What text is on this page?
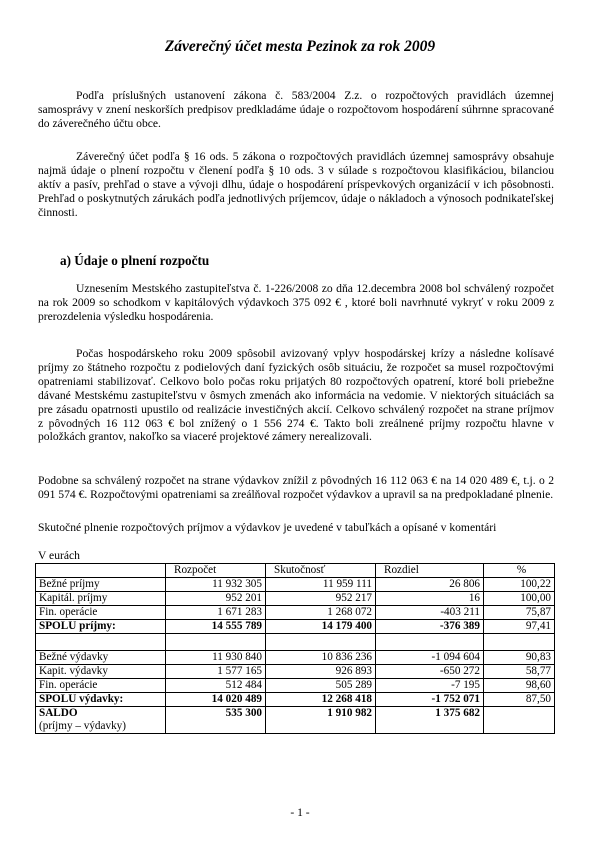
Záverečný účet mesta Pezinok za rok 2009

Podľa príslušných ustanovení zákona č. 583/2004 Z.z. o rozpočtových pravidlách územnej samosprávy v znení neskorších predpisov predkladáme údaje o rozpočtovom hospodárení súhrnne spracované do záverečného účtu obce.

Záverečný účet podľa § 16 ods. 5 zákona o rozpočtových pravidlách územnej samosprávy obsahuje najmä údaje o plnení rozpočtu v členení podľa § 10 ods. 3 v súlade s rozpočtovou klasifikáciou, bilanciou aktív a pasív, prehľad o stave a vývoji dlhu, údaje o hospodárení príspevkových organizácií v ich pôsobnosti. Prehľad o poskytnutých zárukách podľa jednotlivých príjemcov, údaje o nákladoch a výnosoch podnikateľskej činnosti.

a) Údaje o plnení rozpočtu

Uznesením Mestského zastupiteľstva č. 1-226/2008 zo dňa 12.decembra 2008 bol schválený rozpočet na rok 2009 so schodkom v kapitálových výdavkoch 375 092 € , ktoré boli navrhnuté vykryť v roku 2009 z prerozdelenia výsledku hospodárenia.

Počas hospodárskeho roku 2009 spôsobil avizovaný vplyv hospodárskej krízy a následne kolísavé príjmy zo štátneho rozpočtu z podielových daní fyzických osôb situáciu, že rozpočet sa musel rozpočtovými opatreniami stabilizovať. Celkovo bolo počas roku prijatých 80 rozpočtových opatrení, ktoré boli priebežne dávané Mestskému zastupiteľstvu v ôsmych zmenách ako informácia na vedomie. V niektorých situáciách sa pre zásadu opatrnosti upustilo od realizácie investičných akcií. Celkovo schválený rozpočet na strane príjmov z pôvodných 16 112 063 € bol znížený o 1 556 274 €. Takto boli zreálnené príjmy rozpočtu hlavne v položkách grantov, nakoľko sa viaceré projektové zámery nerealizovali.

Podobne sa schválený rozpočet na strane výdavkov znížil z pôvodných 16 112 063 € na 14 020 489 €, t.j. o 2 091 574 €. Rozpočtovými opatreniami sa zreálňoval rozpočet výdavkov a upravil sa na predpokladané plnenie.

Skutočné plnenie rozpočtových príjmov a výdavkov je uvedené v tabuľkách a opísané v komentári

V eurách
	Rozpočet	Skutočnosť	Rozdiel	%
Bežné príjmy	11 932 305	11 959 111	26 806	100,22
Kapitál. príjmy	952 201	952 217	16	100,00
Fin. operácie	1 671 283	1 268 072	-403 211	75,87
SPOLU príjmy:	14 555 789	14 179 400	-376 389	97,41

Bežné výdavky	11 930 840	10 836 236	-1 094 604	90,83
Kapit. výdavky	1 577 165	926 893	-650 272	58,77
Fin. operácie	512 484	505 289	-7 195	98,60
SPOLU výdavky:	14 020 489	12 268 418	-1 752 071	87,50

SALDO
(príjmy – výdavky)	535 300	1 910 982	1 375 682	
- 1 -
